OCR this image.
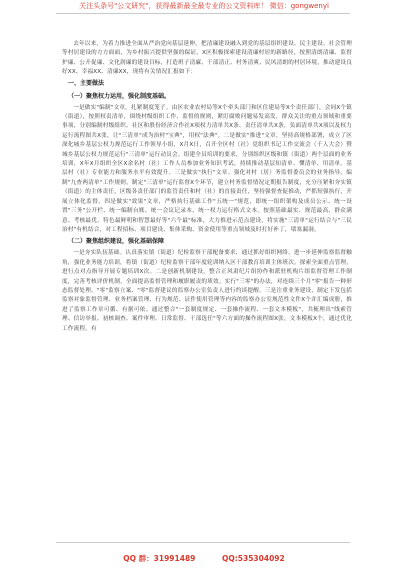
关注头条号"公文研究"，获得最新最全最专业的公文资料库！ 微信：gongwenyi

去年以来，为着力推进全面从严治党向基层延伸，把清廉建设融入到党的基层组织建设、民主建设、社会管理等村居建设的方方面面，为乡村振兴提供坚强的保证，X区积极探索建设清廉村居的新路径，按照清朗清廉、监督护廉、公开促廉、文化润廉的建设目标，打造班子清廉、干部清正、村务清爽、民风清朗的村居环境，推动建设良好XX、幸福XX、清廉XX，现将有关情况汇报如下：

一、主要做法

（一）聚焦权力运用，强化制度基础。

一是做实"编制"文章，扎紧制度笼子。由区农业农村局等X个牵头部门和区住建局等X个责任部门，会同X个镇（街道），按照权责清单，围绕村级组织工作、监督的规则，紧盯腐败问题易发高发，群众关注的重点领域和重要事项，分别编制村级组织、社区和股份经济合作社X项权力清单共X条、责任清单共X条，负面清单共X项以及权力运行流程图共X张，让"三清单"成为治村"宝典"，用权"法典"。二是做实"推进"文章，坚持高规格部署，成立了区深化城乡基层公权力规范运行工作领导小组，X月X日，召开全区村（社）党组织书记工作交流会（千人大会）暨城乡基层公权力规范运行"三清单"运行动员会。组建全员培训的要求，分别组织区级和镇（街道）两个层面的业务培训，X年X月组织全区X余名村（社）工作人员参加业务知识考试，持续推动基层知清单、懂清单、用清单。基层村（社）专业能力和服务水平有效提升。三是做实"执行"文章。强化对村（居）务监督委员会的业务指导，编制"九查两清单"工作规则，制定"三清单"运行监督X个环节，建立村务监督情况定期报告制度，充分压紧和夯实镇（街道）的主体责任，区级各责任部门的监管责任和村（社）的直接责任，坚持强督查促推动，严抓短强执行，开展立体化监督。四是做实"效果"文章，严格执行基础工作"五统一"规范，即统一组织架构及成员公示、统一设置"三务"公开栏、统一编制台账、统一会议记录本、统一权力运行格式文本。按照基础最实、规范最高、群众满意、考核最优、特色最鲜明和智慧最好等"六个最"标准，大力推进示范点建设，将实施"三清单"运行结合与"三民治村"有机结合，对工程招标、项目建设、集体采购、资金使用等重点领域及时打好补丁，堵塞漏洞。

（二）聚焦组织建设，强化基础保障

一是夯实队伍基础。认真落实镇（街道）纪检监察干部配备要求，通过抓好组织网络，进一步延伸监察监督触角，强化业务能力培训，将镇（街道）纪检监察干部年度轮训纳入区干部教育培训主体班次。探索全面重点管理，进行点对点指导开展专题培训X次。二是创新机制建设。整合正风肃纪片组协作和派驻机构片组监督管理工作制度，完善考核评价机制，全面提高监督管理和履职履责的质效。实行"三零"的办法，对连续三个月"零"报告一种形态监督处理、"零"监察立案、"零"监督建议的监察办公室负责人进行约谈提醒。三是注重业务建设，制定下发包括监察对象监督管理、业务档案管理、行为规范、证件使用管理等内容的监察办公室规范性文件X个并汇编成册，推进了监察工作章可循、有据可依。通过整合"一套制度规定、一套操作流程、一套文本模板"，共梳理出"线索管理、信访举报、初核调查、案件审理、日常监督、干部选任"等六方面的操作流程图X张，文本模板X个，通过优化工作流程，有

QQ 群：31991489	QQ:535304092
